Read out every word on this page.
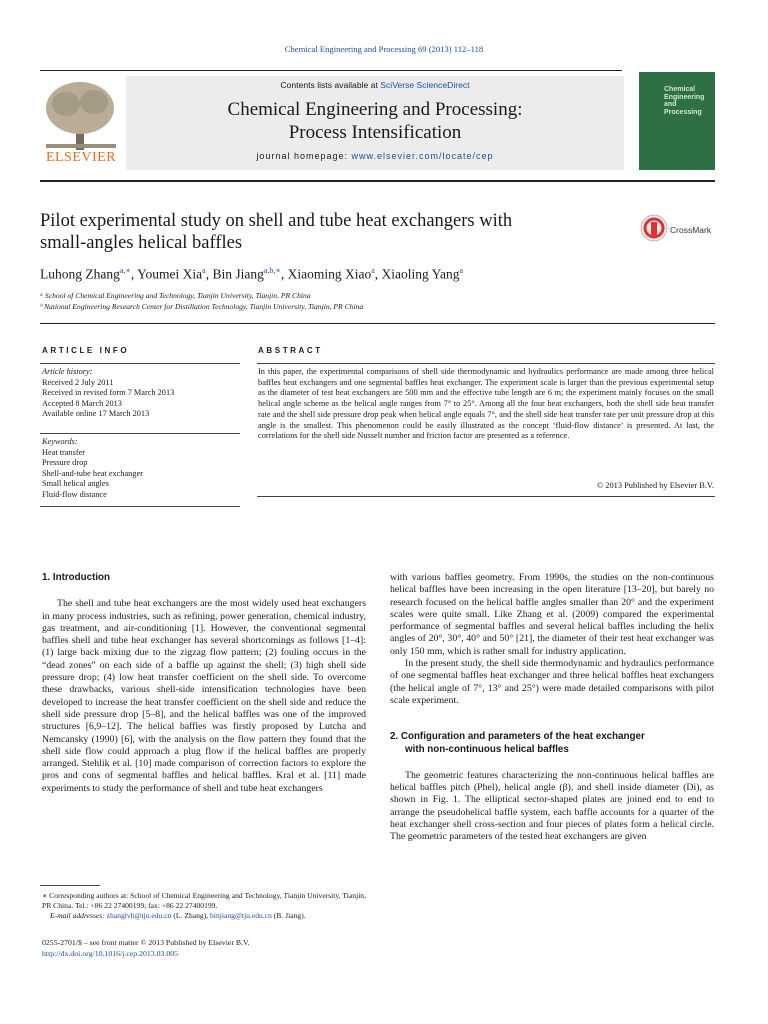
Chemical Engineering and Processing 69 (2013) 112–118
ELSEVIER
Contents lists available at SciVerse ScienceDirect
Chemical Engineering and Processing:
Process Intensification
journal homepage: www.elsevier.com/locate/cep
Chemical Engineering and Processing
Pilot experimental study on shell and tube heat exchangers with
small-angles helical baffles
CrossMark
Luhong Zhang$^{a,∗}$, Youmei Xia$^a$, Bin Jiang$^{a,b,∗}$, Xiaoming Xiao$^a$, Xiaoling Yang$^a$
ᵃ School of Chemical Engineering and Technology, Tianjin University, Tianjin, PR China
ᵇ National Engineering Research Center for Distillation Technology, Tianjin University, Tianjin, PR China
ARTICLE INFO	ABSTRACT
Article history:
Received 2 July 2011
Received in revised form 7 March 2013
Accepted 8 March 2013
Available online 17 March 2013
Keywords:
Heat transfer
Pressure drop
Shell-and-tube heat exchanger
Small helical angles
Fluid-flow distance
In this paper, the experimental comparisons of shell side thermodynamic and hydraulics performance are made among three helical baffles heat exchangers and one segmental baffles heat exchanger. The experiment scale is larger than the previous experimental setup as the diameter of test heat exchangers are 500 mm and the effective tube length are 6 m; the experiment mainly focuses on the small helical angle scheme as the helical angle ranges from 7° to 25°. Among all the four heat exchangers, both the shell side heat transfer rate and the shell side pressure drop peak when helical angle equals 7°, and the shell side heat transfer rate per unit pressure drop at this angle is the smallest. This phenomenon could be easily illustrated as the concept ‘fluid-flow distance’ is presented. At last, the correlations for the shell side Nusselt number and friction factor are presented as a reference.
© 2013 Published by Elsevier B.V.
1. Introduction

The shell and tube heat exchangers are the most widely used heat exchangers in many process industries, such as refining, power generation, chemical industry, gas treatment, and air-conditioning [1]. However, the conventional segmental baffles shell and tube heat exchanger has several shortcomings as follows [1–4]: (1) large back mixing due to the zigzag flow pattern; (2) fouling occurs in the “dead zones” on each side of a baffle up against the shell; (3) high shell side pressure drop; (4) low heat transfer coefficient on the shell side. To overcome these drawbacks, various shell-side intensification technologies have been developed to increase the heat transfer coefficient on the shell side and reduce the shell side pressure drop [5–8], and the helical baffles was one of the improved structures [6,9–12]. The helical baffles was firstly proposed by Lutcha and Nemcansky (1990) [6], with the analysis on the flow pattern they found that the shell side flow could approach a plug flow if the helical baffles are properly arranged. Stehlik et al. [10] made comparison of correction factors to explore the pros and cons of segmental baffles and helical baffles. Kral et al. [11] made experiments to study the performance of shell and tube heat exchangers

with various baffles geometry. From 1990s, the studies on the non-continuous helical baffles have been increasing in the open literature [13–20], but barely no research focused on the helical baffle angles smaller than 20° and the experiment scales were quite small. Like Zhang et al. (2009) compared the experimental performance of segmental baffles and several helical baffles including the helix angles of 20°, 30°, 40° and 50° [21], the diameter of their test heat exchanger was only 150 mm, which is rather small for industry application.

In the present study, the shell side thermodynamic and hydraulics performance of one segmental baffles heat exchanger and three helical baffles heat exchangers (the helical angle of 7°, 13° and 25°) were made detailed comparisons with pilot scale experiment.

2. Configuration and parameters of the heat exchanger
with non-continuous helical baffles

The geometric features characterizing the non-continuous helical baffles are helical baffles pitch (Phel), helical angle (β), and shell inside diameter (Di), as shown in Fig. 1. The elliptical sector-shaped plates are joined end to end to arrange the pseudohelical baffle system, each baffle accounts for a quarter of the heat exchanger shell cross-section and four pieces of plates form a helical circle. The geometric parameters of the tested heat exchangers are given

∗ Corresponding authors at: School of Chemical Engineering and Technology, Tianjin University, Tianjin, PR China. Tel.: +86 22 27400199; fax: +86 22 27400199.
E-mail addresses: zhanglvh@tju.edu.cn (L. Zhang), binjiang@tju.edu.cn (B. Jiang).
0255-2701/$ – see front matter © 2013 Published by Elsevier B.V.
http://dx.doi.org/10.1016/j.cep.2013.03.005
